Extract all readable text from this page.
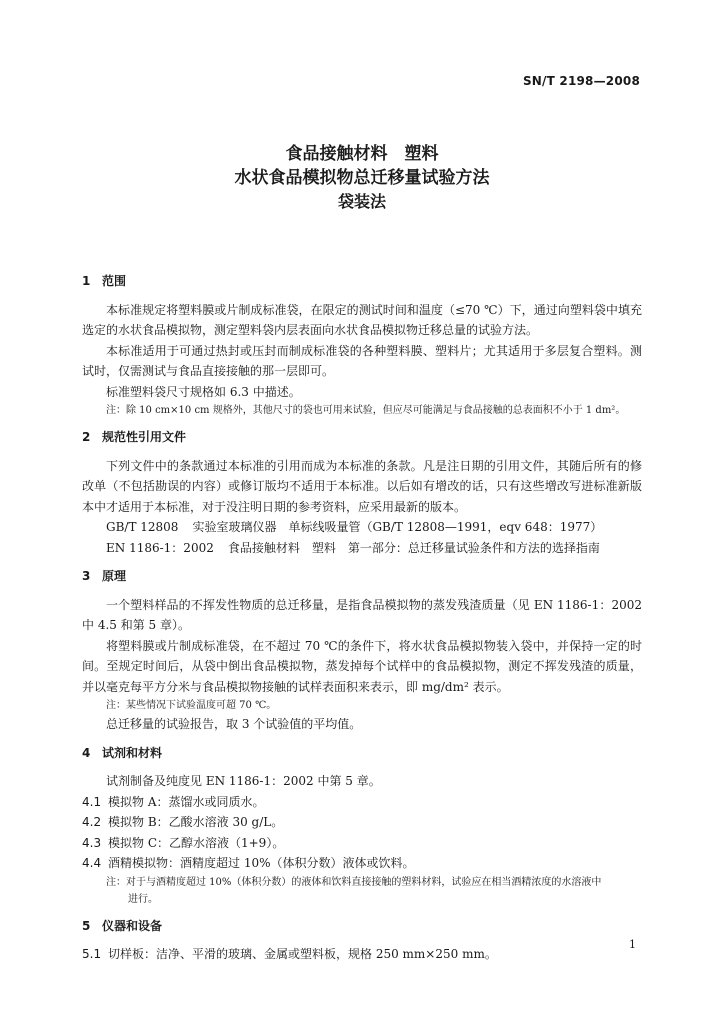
SN/T 2198—2008
食品接触材料　塑料
水状食品模拟物总迁移量试验方法
袋装法
1 范围
本标准规定将塑料膜或片制成标准袋，在限定的测试时间和温度（≤70 ℃）下，通过向塑料袋中填充选定的水状食品模拟物，测定塑料袋内层表面向水状食品模拟物迁移总量的试验方法。
本标准适用于可通过热封或压封而制成标准袋的各种塑料膜、塑料片；尤其适用于多层复合塑料。测试时，仅需测试与食品直接接触的那一层即可。
标准塑料袋尺寸规格如 6.3 中描述。
注：除 10 cm×10 cm 规格外，其他尺寸的袋也可用来试验，但应尽可能满足与食品接触的总表面积不小于 1 dm²。
2 规范性引用文件
下列文件中的条款通过本标准的引用而成为本标准的条款。凡是注日期的引用文件，其随后所有的修改单（不包括勘误的内容）或修订版均不适用于本标准。以后如有增改的话，只有这些增改写进标准新版本中才适用于本标准，对于没注明日期的参考资料，应采用最新的版本。
GB/T 12808 实验室玻璃仪器　单标线吸量管（GB/T 12808—1991，eqv 648：1977）
EN 1186-1：2002 食品接触材料　塑料　第一部分：总迁移量试验条件和方法的选择指南
3 原理
一个塑料样品的不挥发性物质的总迁移量，是指食品模拟物的蒸发残渣质量（见 EN 1186-1：2002 中 4.5 和第 5 章）。
将塑料膜或片制成标准袋，在不超过 70 ℃的条件下，将水状食品模拟物装入袋中，并保持一定的时间。至规定时间后，从袋中倒出食品模拟物，蒸发掉每个试样中的食品模拟物，测定不挥发残渣的质量，并以毫克每平方分米与食品模拟物接触的试样表面积来表示，即 mg/dm² 表示。
注：某些情况下试验温度可超 70 ℃。
总迁移量的试验报告，取 3 个试验值的平均值。
4 试剂和材料
试剂制备及纯度见 EN 1186-1：2002 中第 5 章。
4.1 模拟物 A：蒸馏水或同质水。
4.2 模拟物 B：乙酸水溶液 30 g/L。
4.3 模拟物 C：乙醇水溶液（1+9）。
4.4 酒精模拟物：酒精度超过 10%（体积分数）液体或饮料。
注：对于与酒精度超过 10%（体积分数）的液体和饮料直接接触的塑料材料，试验应在相当酒精浓度的水溶液中
进行。
5 仪器和设备
5.1 切样板：洁净、平滑的玻璃、金属或塑料板，规格 250 mm×250 mm。
1
